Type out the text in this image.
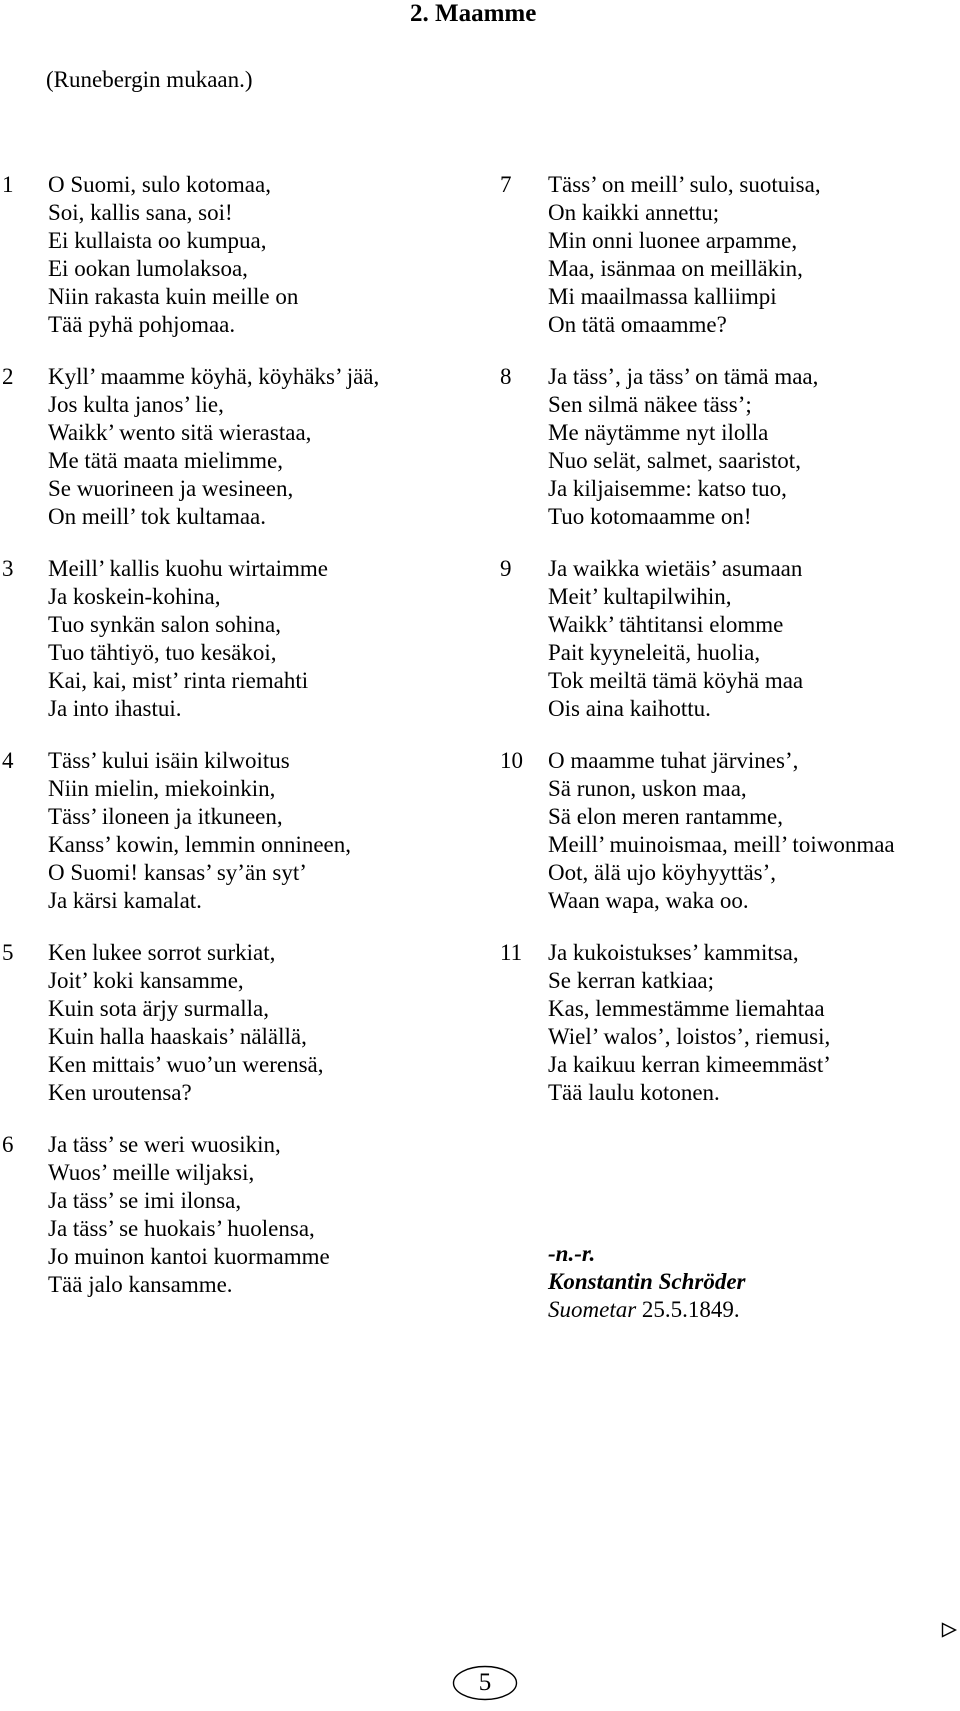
2. Maamme
(Runebergin mukaan.)
1 O Suomi, sulo kotomaa,
Soi, kallis sana, soi!
Ei kullaista oo kumpua,
Ei ookan lumolaksoa,
Niin rakasta kuin meille on
Tää pyhä pohjomaa.
2 Kyll’ maamme köyhä, köyhäks’ jää,
Jos kulta janos’ lie,
Waikk’ wento sitä wierastaa,
Me tätä maata mielimme,
Se wuorineen ja wesineen,
On meill’ tok kultamaa.
3 Meill’ kallis kuohu wirtaimme
Ja koskein-kohina,
Tuo synkän salon sohina,
Tuo tähtiyö, tuo kesäkoi,
Kai, kai, mist’ rinta riemahti
Ja into ihastui.
4 Täss’ kului isäin kilwoitus
Niin mielin, miekoinkin,
Täss’ iloneen ja itkuneen,
Kanss’ kowin, lemmin onnineen,
O Suomi! kansas’ sy’än syt’
Ja kärsi kamalat.
5 Ken lukee sorrot surkiat,
Joit’ koki kansamme,
Kuin sota ärjy surmalla,
Kuin halla haaskais’ nälällä,
Ken mittais’ wuo’un werensä,
Ken uroutensa?
6 Ja täss’ se weri wuosikin,
Wuos’ meille wiljaksi,
Ja täss’ se imi ilonsa,
Ja täss’ se huokais’ huolensa,
Jo muinon kantoi kuormamme
Tää jalo kansamme.
7 Täss’ on meill’ sulo, suotuisa,
On kaikki annettu;
Min onni luonee arpamme,
Maa, isänmaa on meilläkin,
Mi maailmassa kalliimpi
On tätä omaamme?
8 Ja täss’, ja täss’ on tämä maa,
Sen silmä näkee täss’;
Me näytämme nyt ilolla
Nuo selät, salmet, saaristot,
Ja kiljaisemme: katso tuo,
Tuo kotomaamme on!
9 Ja waikka wietäis’ asumaan
Meit’ kultapilwihin,
Waikk’ tähtitansi elomme
Pait kyyneleitä, huolia,
Tok meiltä tämä köyhä maa
Ois aina kaihottu.
10 O maamme tuhat järvines’,
Sä runon, uskon maa,
Sä elon meren rantamme,
Meill’ muinoismaa, meill’ toiwonmaa
Oot, älä ujo köyhyyttäs’,
Waan wapa, waka oo.
11 Ja kukoistukses’ kammitsa,
Se kerran katkiaa;
Kas, lemmestämme liemahtaa
Wiel’ walos’, loistos’, riemusi,
Ja kaikuu kerran kimeemmäst’
Tää laulu kotonen.
-n.-r.
Konstantin Schröder
Suometar 25.5.1849.
5
